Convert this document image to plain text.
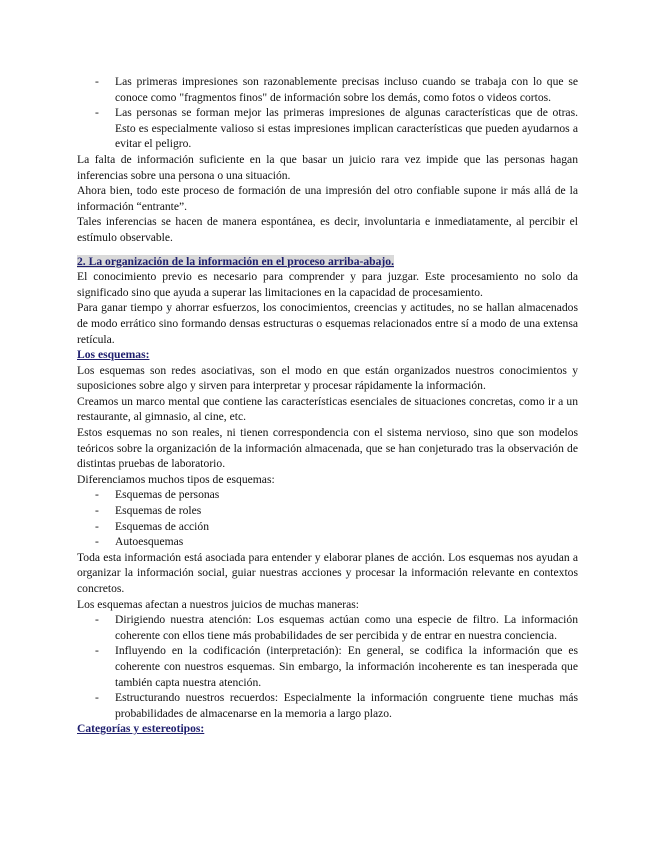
-	Las primeras impresiones son razonablemente precisas incluso cuando se trabaja con lo que se conoce como "fragmentos finos" de información sobre los demás, como fotos o videos cortos.
-	Las personas se forman mejor las primeras impresiones de algunas características que de otras. Esto es especialmente valioso si estas impresiones implican características que pueden ayudarnos a evitar el peligro.

La falta de información suficiente en la que basar un juicio rara vez impide que las personas hagan inferencias sobre una persona o una situación.

Ahora bien, todo este proceso de formación de una impresión del otro confiable supone ir más allá de la información “entrante”.

Tales inferencias se hacen de manera espontánea, es decir, involuntaria e inmediatamente, al percibir el estímulo observable.

2. La organización de la información en el proceso arriba-abajo.

El conocimiento previo es necesario para comprender y para juzgar. Este procesamiento no solo da significado sino que ayuda a superar las limitaciones en la capacidad de procesamiento.

Para ganar tiempo y ahorrar esfuerzos, los conocimientos, creencias y actitudes, no se hallan almacenados de modo errático sino formando densas estructuras o esquemas relacionados entre sí a modo de una extensa retícula.

Los esquemas:

Los esquemas son redes asociativas, son el modo en que están organizados nuestros conocimientos y suposiciones sobre algo y sirven para interpretar y procesar rápidamente la información.

Creamos un marco mental que contiene las características esenciales de situaciones concretas, como ir a un restaurante, al gimnasio, al cine, etc.

Estos esquemas no son reales, ni tienen correspondencia con el sistema nervioso, sino que son modelos teóricos sobre la organización de la información almacenada, que se han conjeturado tras la observación de distintas pruebas de laboratorio.

Diferenciamos muchos tipos de esquemas:

-	Esquemas de personas
-	Esquemas de roles
-	Esquemas de acción
-	Autoesquemas

Toda esta información está asociada para entender y elaborar planes de acción. Los esquemas nos ayudan a organizar la información social, guiar nuestras acciones y procesar la información relevante en contextos concretos.

Los esquemas afectan a nuestros juicios de muchas maneras:

-	Dirigiendo nuestra atención: Los esquemas actúan como una especie de filtro. La información coherente con ellos tiene más probabilidades de ser percibida y de entrar en nuestra conciencia.
-	Influyendo en la codificación (interpretación): En general, se codifica la información que es coherente con nuestros esquemas. Sin embargo, la información incoherente es tan inesperada que también capta nuestra atención.
-	Estructurando nuestros recuerdos: Especialmente la información congruente tiene muchas más probabilidades de almacenarse en la memoria a largo plazo.

Categorías y estereotipos:
